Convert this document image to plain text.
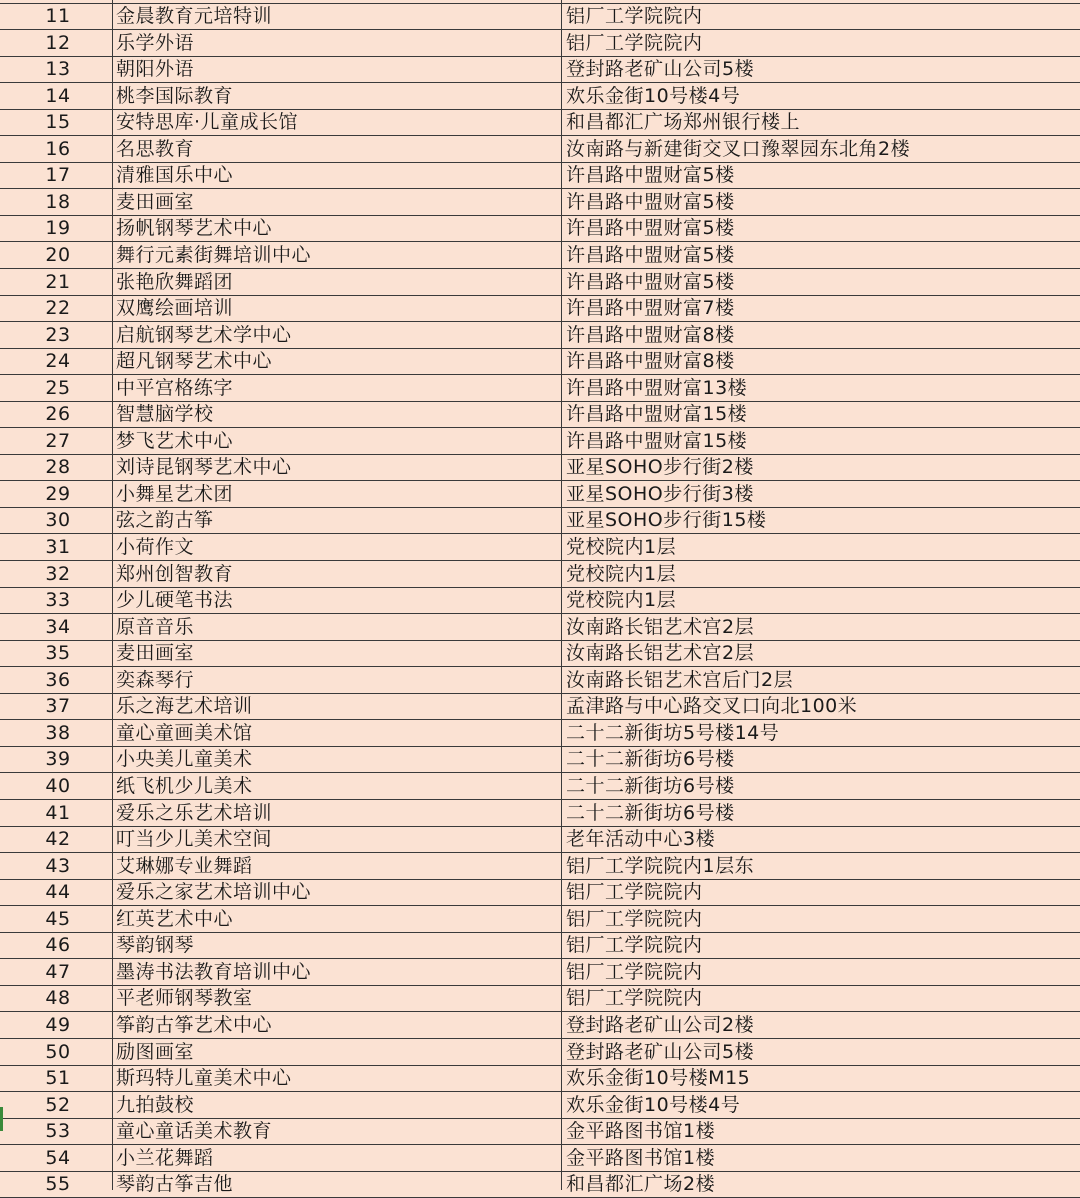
11	金晨教育元培特训	铝厂工学院院内
12	乐学外语	铝厂工学院院内
13	朝阳外语	登封路老矿山公司5楼
14	桃李国际教育	欢乐金街10号楼4号
15	安特思库·儿童成长馆	和昌都汇广场郑州银行楼上
16	名思教育	汝南路与新建街交叉口豫翠园东北角2楼
17	清雅国乐中心	许昌路中盟财富5楼
18	麦田画室	许昌路中盟财富5楼
19	扬帆钢琴艺术中心	许昌路中盟财富5楼
20	舞行元素街舞培训中心	许昌路中盟财富5楼
21	张艳欣舞蹈团	许昌路中盟财富5楼
22	双鹰绘画培训	许昌路中盟财富7楼
23	启航钢琴艺术学中心	许昌路中盟财富8楼
24	超凡钢琴艺术中心	许昌路中盟财富8楼
25	中平宫格练字	许昌路中盟财富13楼
26	智慧脑学校	许昌路中盟财富15楼
27	梦飞艺术中心	许昌路中盟财富15楼
28	刘诗昆钢琴艺术中心	亚星SOHO步行街2楼
29	小舞星艺术团	亚星SOHO步行街3楼
30	弦之韵古筝	亚星SOHO步行街15楼
31	小荷作文	党校院内1层
32	郑州创智教育	党校院内1层
33	少儿硬笔书法	党校院内1层
34	原音音乐	汝南路长铝艺术宫2层
35	麦田画室	汝南路长铝艺术宫2层
36	奕森琴行	汝南路长铝艺术宫后门2层
37	乐之海艺术培训	孟津路与中心路交叉口向北100米
38	童心童画美术馆	二十二新街坊5号楼14号
39	小央美儿童美术	二十二新街坊6号楼
40	纸飞机少儿美术	二十二新街坊6号楼
41	爱乐之乐艺术培训	二十二新街坊6号楼
42	叮当少儿美术空间	老年活动中心3楼
43	艾琳娜专业舞蹈	铝厂工学院院内1层东
44	爱乐之家艺术培训中心	铝厂工学院院内
45	红英艺术中心	铝厂工学院院内
46	琴韵钢琴	铝厂工学院院内
47	墨涛书法教育培训中心	铝厂工学院院内
48	平老师钢琴教室	铝厂工学院院内
49	筝韵古筝艺术中心	登封路老矿山公司2楼
50	励图画室	登封路老矿山公司5楼
51	斯玛特儿童美术中心	欢乐金街10号楼M15
52	九拍鼓校	欢乐金街10号楼4号
53	童心童话美术教育	金平路图书馆1楼
54	小兰花舞蹈	金平路图书馆1楼
55	琴韵古筝吉他	和昌都汇广场2楼
